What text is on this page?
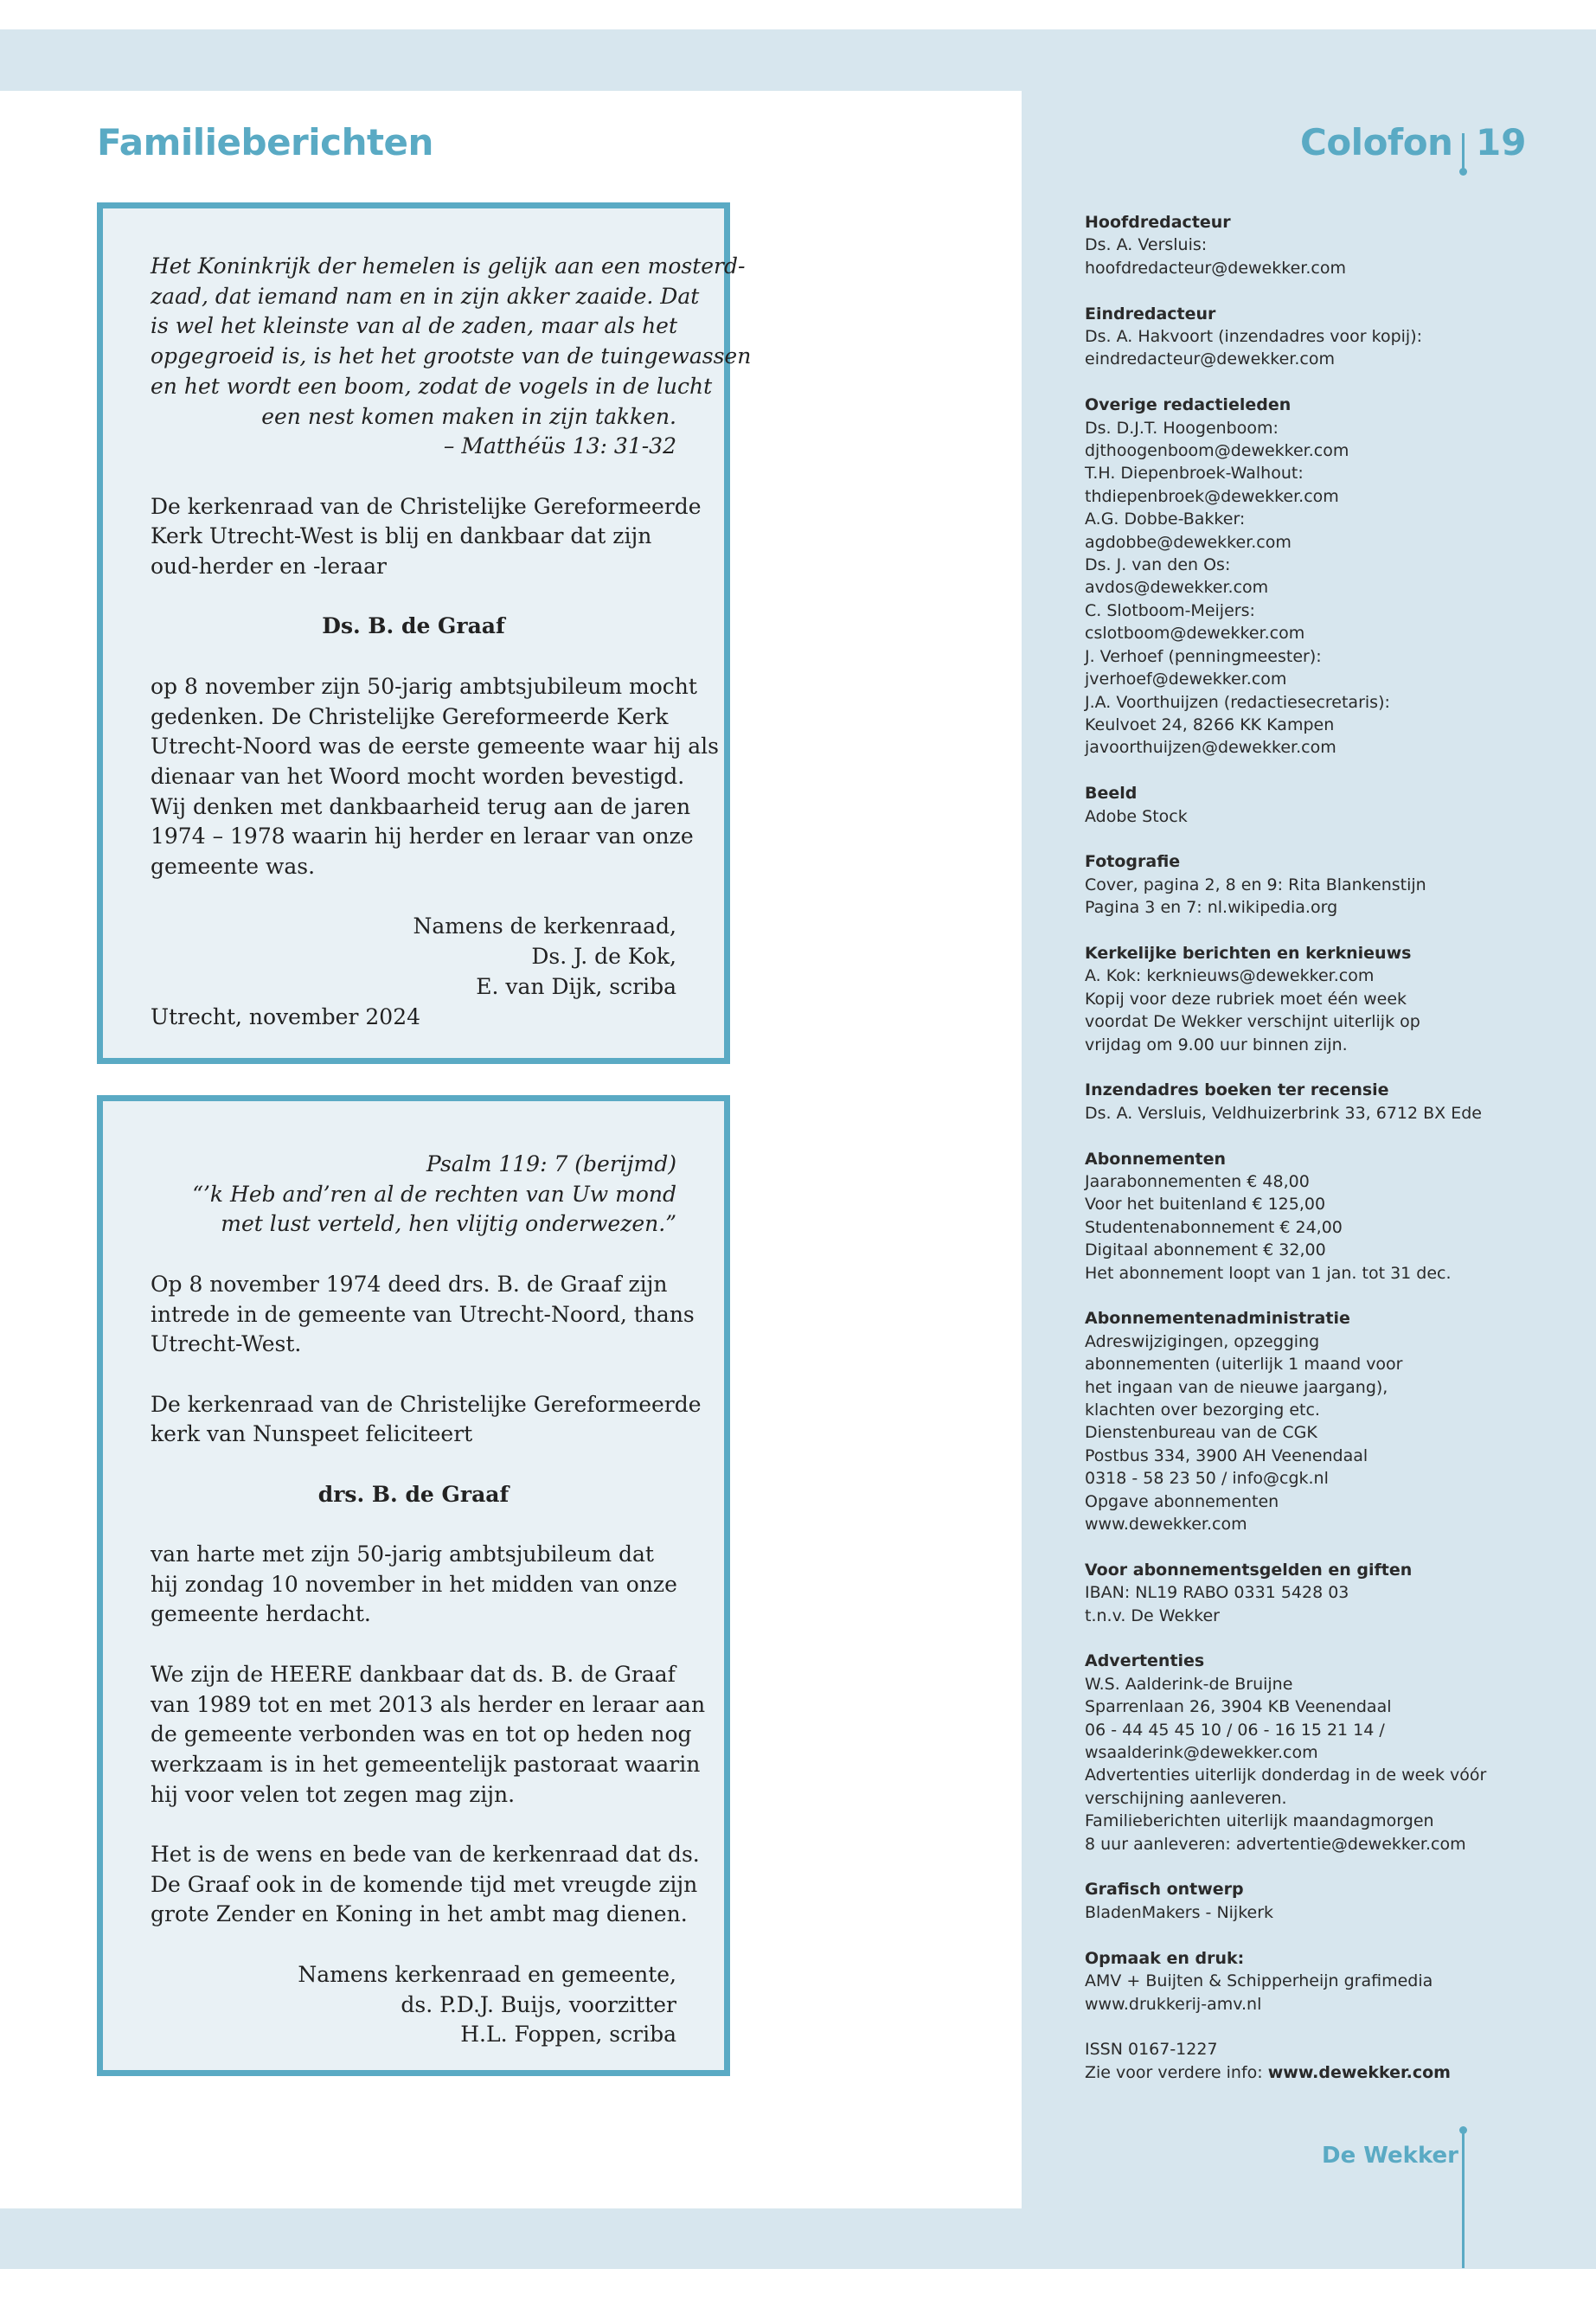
Familieberichten	Colofon 19
Het Koninkrijk der hemelen is gelijk aan een mosterd-
zaad, dat iemand nam en in zijn akker zaaide. Dat
is wel het kleinste van al de zaden, maar als het
opgegroeid is, is het het grootste van de tuingewassen
en het wordt een boom, zodat de vogels in de lucht
een nest komen maken in zijn takken.
– Matthéüs 13: 31-32

De kerkenraad van de Christelijke Gereformeerde
Kerk Utrecht-West is blij en dankbaar dat zijn
oud-herder en -leraar

Ds. B. de Graaf

op 8 november zijn 50-jarig ambtsjubileum mocht
gedenken. De Christelijke Gereformeerde Kerk
Utrecht-Noord was de eerste gemeente waar hij als
dienaar van het Woord mocht worden bevestigd.
Wij denken met dankbaarheid terug aan de jaren
1974 – 1978 waarin hij herder en leraar van onze
gemeente was.

Namens de kerkenraad,
Ds. J. de Kok,
E. van Dijk, scriba

Utrecht, november 2024

Psalm 119: 7 (berijmd)
“’k Heb and’ren al de rechten van Uw mond
met lust verteld, hen vlijtig onderwezen.”

Op 8 november 1974 deed drs. B. de Graaf zijn
intrede in de gemeente van Utrecht-Noord, thans
Utrecht-West.

De kerkenraad van de Christelijke Gereformeerde
kerk van Nunspeet feliciteert

drs. B. de Graaf

van harte met zijn 50-jarig ambtsjubileum dat
hij zondag 10 november in het midden van onze
gemeente herdacht.

We zijn de HEERE dankbaar dat ds. B. de Graaf
van 1989 tot en met 2013 als herder en leraar aan
de gemeente verbonden was en tot op heden nog
werkzaam is in het gemeentelijk pastoraat waarin
hij voor velen tot zegen mag zijn.

Het is de wens en bede van de kerkenraad dat ds.
De Graaf ook in de komende tijd met vreugde zijn
grote Zender en Koning in het ambt mag dienen.

Namens kerkenraad en gemeente,
ds. P.D.J. Buijs, voorzitter
H.L. Foppen, scriba

Hoofdredacteur
Ds. A. Versluis:
hoofdredacteur@dewekker.com
Eindredacteur
Ds. A. Hakvoort (inzendadres voor kopij):
eindredacteur@dewekker.com
Overige redactieleden
Ds. D.J.T. Hoogenboom:
djthoogenboom@dewekker.com
T.H. Diepenbroek-Walhout:
thdiepenbroek@dewekker.com
A.G. Dobbe-Bakker:
agdobbe@dewekker.com
Ds. J. van den Os:
avdos@dewekker.com
C. Slotboom-Meijers:
cslotboom@dewekker.com
J. Verhoef (penningmeester):
jverhoef@dewekker.com
J.A. Voorthuijzen (redactiesecretaris):
Keulvoet 24, 8266 KK Kampen
javoorthuijzen@dewekker.com
Beeld
Adobe Stock
Fotografie
Cover, pagina 2, 8 en 9: Rita Blankenstijn
Pagina 3 en 7: nl.wikipedia.org
Kerkelijke berichten en kerknieuws
A. Kok: kerknieuws@dewekker.com
Kopij voor deze rubriek moet één week
voordat De Wekker verschijnt uiterlijk op
vrijdag om 9.00 uur binnen zijn.
Inzendadres boeken ter recensie
Ds. A. Versluis, Veldhuizerbrink 33, 6712 BX Ede
Abonnementen
Jaarabonnementen € 48,00
Voor het buitenland € 125,00
Studentenabonnement € 24,00
Digitaal abonnement € 32,00
Het abonnement loopt van 1 jan. tot 31 dec.
Abonnementenadministratie
Adreswijzigingen, opzegging
abonnementen (uiterlijk 1 maand voor
het ingaan van de nieuwe jaargang),
klachten over bezorging etc.
Dienstenbureau van de CGK
Postbus 334, 3900 AH Veenendaal
0318 - 58 23 50 / info@cgk.nl
Opgave abonnementen
www.dewekker.com
Voor abonnementsgelden en giften
IBAN: NL19 RABO 0331 5428 03
t.n.v. De Wekker
Advertenties
W.S. Aalderink-de Bruijne
Sparrenlaan 26, 3904 KB Veenendaal
06 - 44 45 45 10 / 06 - 16 15 21 14 /
wsaalderink@dewekker.com
Advertenties uiterlijk donderdag in de week vóór
verschijning aanleveren.
Familieberichten uiterlijk maandagmorgen
8 uur aanleveren: advertentie@dewekker.com
Grafisch ontwerp
BladenMakers - Nijkerk
Opmaak en druk:
AMV + Buijten & Schipperheijn grafimedia
www.drukkerij-amv.nl
ISSN 0167-1227
Zie voor verdere info: www.dewekker.com
De Wekker
